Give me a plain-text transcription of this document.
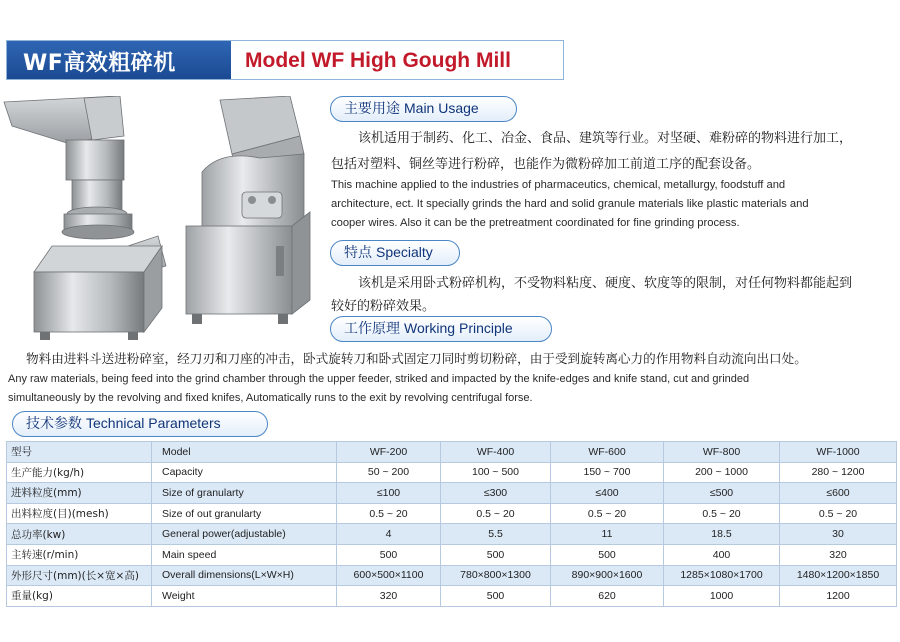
WF高效粗碎机	Model WF High Gough Mill
主要用途 Main Usage
该机适用于制药、化工、冶金、食品、建筑等行业。对坚硬、难粉碎的物料进行加工，
包括对塑料、铜丝等进行粉碎，也能作为微粉碎加工前道工序的配套设备。
This machine applied to the industries of pharmaceutics, chemical, metallurgy, foodstuff and
architecture, ect. It specially grinds the hard and solid granule materials like plastic materials and
cooper wires. Also it can be the pretreatment coordinated for fine grinding process.
特点 Specialty
该机是采用卧式粉碎机构，不受物料粘度、硬度、软度等的限制，对任何物料都能起到
较好的粉碎效果。
工作原理 Working Principle
物料由进料斗送进粉碎室，经刀刃和刀座的冲击，卧式旋转刀和卧式固定刀同时剪切粉碎，由于受到旋转离心力的作用物料自动流向出口处。
Any raw materials, being feed into the grind chamber through the upper feeder, striked and impacted by the knife-edges and knife stand, cut and grinded
simultaneously by the revolving and fixed knifes, Automatically runs to the exit by revolving centrifugal forse.
技术参数 Technical Parameters
型号	Model	WF-200	WF-400	WF-600	WF-800	WF-1000
生产能力(kg/h)	Capacity	50 ~ 200	100 ~ 500	150 ~ 700	200 ~ 1000	280 ~ 1200
进料粒度(mm)	Size of granularty	≤100	≤300	≤400	≤500	≤600
出料粒度(目)(mesh)	Size of out granularty	0.5 ~ 20	0.5 ~ 20	0.5 ~ 20	0.5 ~ 20	0.5 ~ 20
总功率(kw)	General power(adjustable)	4	5.5	11	18.5	30
主转速(r/min)	Main speed	500	500	500	400	320
外形尺寸(mm)(长×宽×高)	Overall dimensions(L×W×H)	600×500×1100	780×800×1300	890×900×1600	1285×1080×1700	1480×1200×1850
重量(kg)	Weight	320	500	620	1000	1200
